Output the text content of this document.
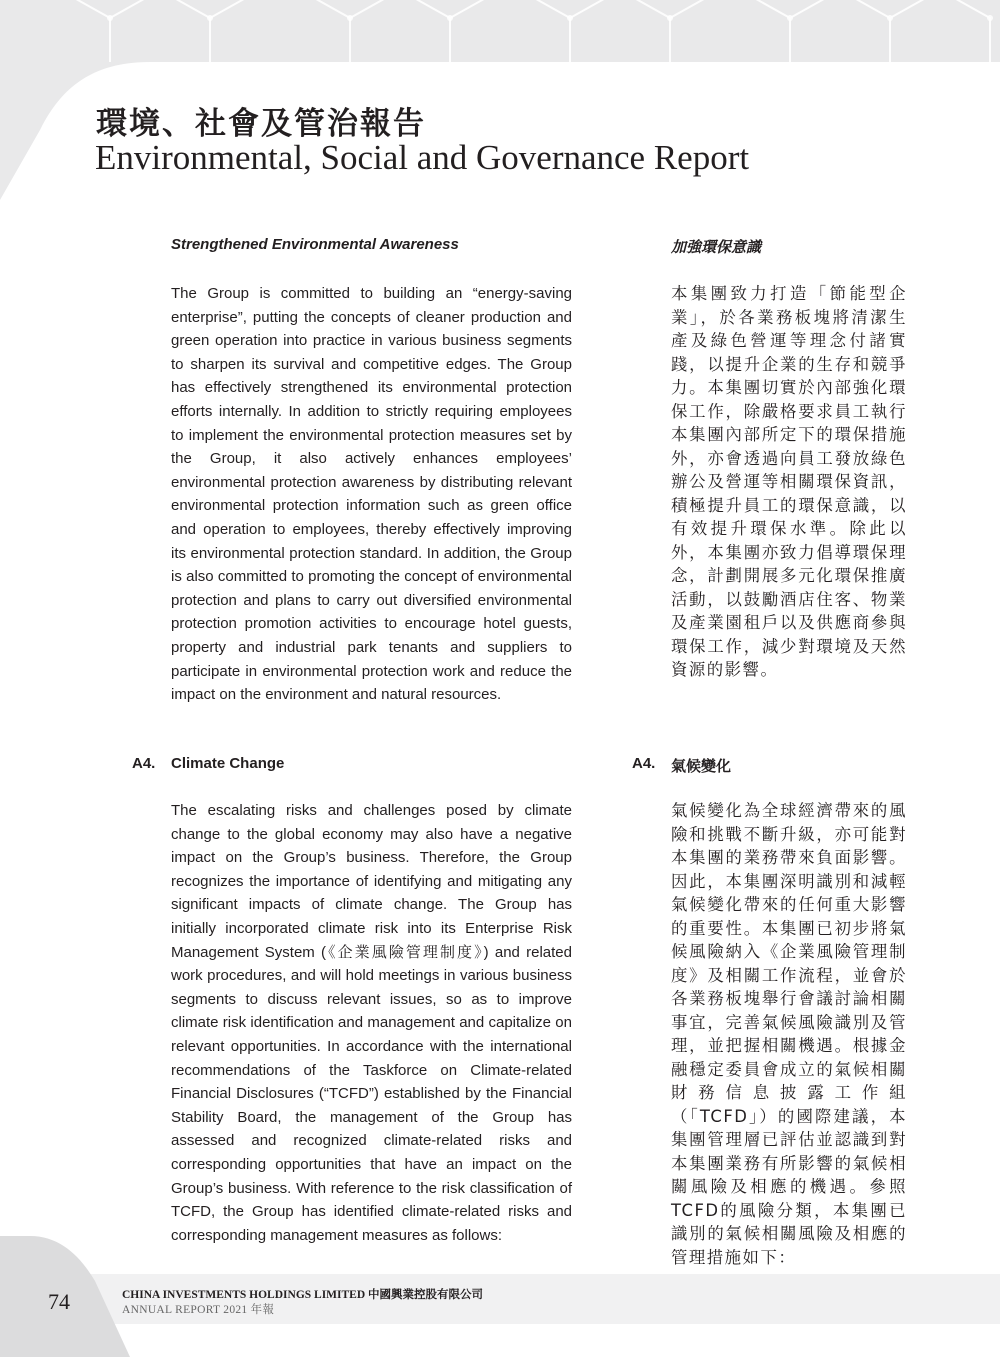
環境、社會及管治報告
Environmental, Social and Governance Report
Strengthened Environmental Awareness	加強環保意識

The Group is committed to building an “energy-saving enterprise”, putting the concepts of cleaner production and green operation into practice in various business segments to sharpen its survival and competitive edges. The Group has effectively strengthened its environmental protection efforts internally. In addition to strictly requiring employees to implement the environmental protection measures set by the Group, it also actively enhances employees’ environmental protection awareness by distributing relevant environmental protection information such as green office and operation to employees, thereby effectively improving its environmental protection standard. In addition, the Group is also committed to promoting the concept of environmental protection and plans to carry out diversified environmental protection promotion activities to encourage hotel guests, property and industrial park tenants and suppliers to participate in environmental protection work and reduce the impact on the environment and natural resources.

本集團致力打造「節能型企業」，於各業務板塊將清潔生產及綠色營運等理念付諸實踐，以提升企業的生存和競爭力。本集團切實於內部強化環保工作，除嚴格要求員工執行本集團內部所定下的環保措施外，亦會透過向員工發放綠色辦公及營運等相關環保資訊，積極提升員工的環保意識，以有效提升環保水準。除此以外，本集團亦致力倡導環保理念，計劃開展多元化環保推廣活動，以鼓勵酒店住客、物業及產業園租戶以及供應商參與環保工作，減少對環境及天然資源的影響。

A4. Climate Change	A4. 氣候變化

The escalating risks and challenges posed by climate change to the global economy may also have a negative impact on the Group’s business. Therefore, the Group recognizes the importance of identifying and mitigating any significant impacts of climate change. The Group has initially incorporated climate risk into its Enterprise Risk Management System (《企業風險管理制度》) and related work procedures, and will hold meetings in various business segments to discuss relevant issues, so as to improve climate risk identification and management and capitalize on relevant opportunities. In accordance with the international recommendations of the Taskforce on Climate-related Financial Disclosures (“TCFD”) established by the Financial Stability Board, the management of the Group has assessed and recognized climate-related risks and corresponding opportunities that have an impact on the Group’s business. With reference to the risk classification of TCFD, the Group has identified climate-related risks and corresponding management measures as follows:

氣候變化為全球經濟帶來的風險和挑戰不斷升級，亦可能對本集團的業務帶來負面影響。因此，本集團深明識別和減輕氣候變化帶來的任何重大影響的重要性。本集團已初步將氣候風險納入《企業風險管理制度》及相關工作流程，並會於各業務板塊舉行會議討論相關事宜，完善氣候風險識別及管理，並把握相關機遇。根據金融穩定委員會成立的氣候相關財務信息披露工作組（「TCFD」）的國際建議，本集團管理層已評估並認識到對本集團業務有所影響的氣候相關風險及相應的機遇。參照TCFD的風險分類，本集團已識別的氣候相關風險及相應的管理措施如下：

74	CHINA INVESTMENTS HOLDINGS LIMITED 中國興業控股有限公司

ANNUAL REPORT 2021 年報
